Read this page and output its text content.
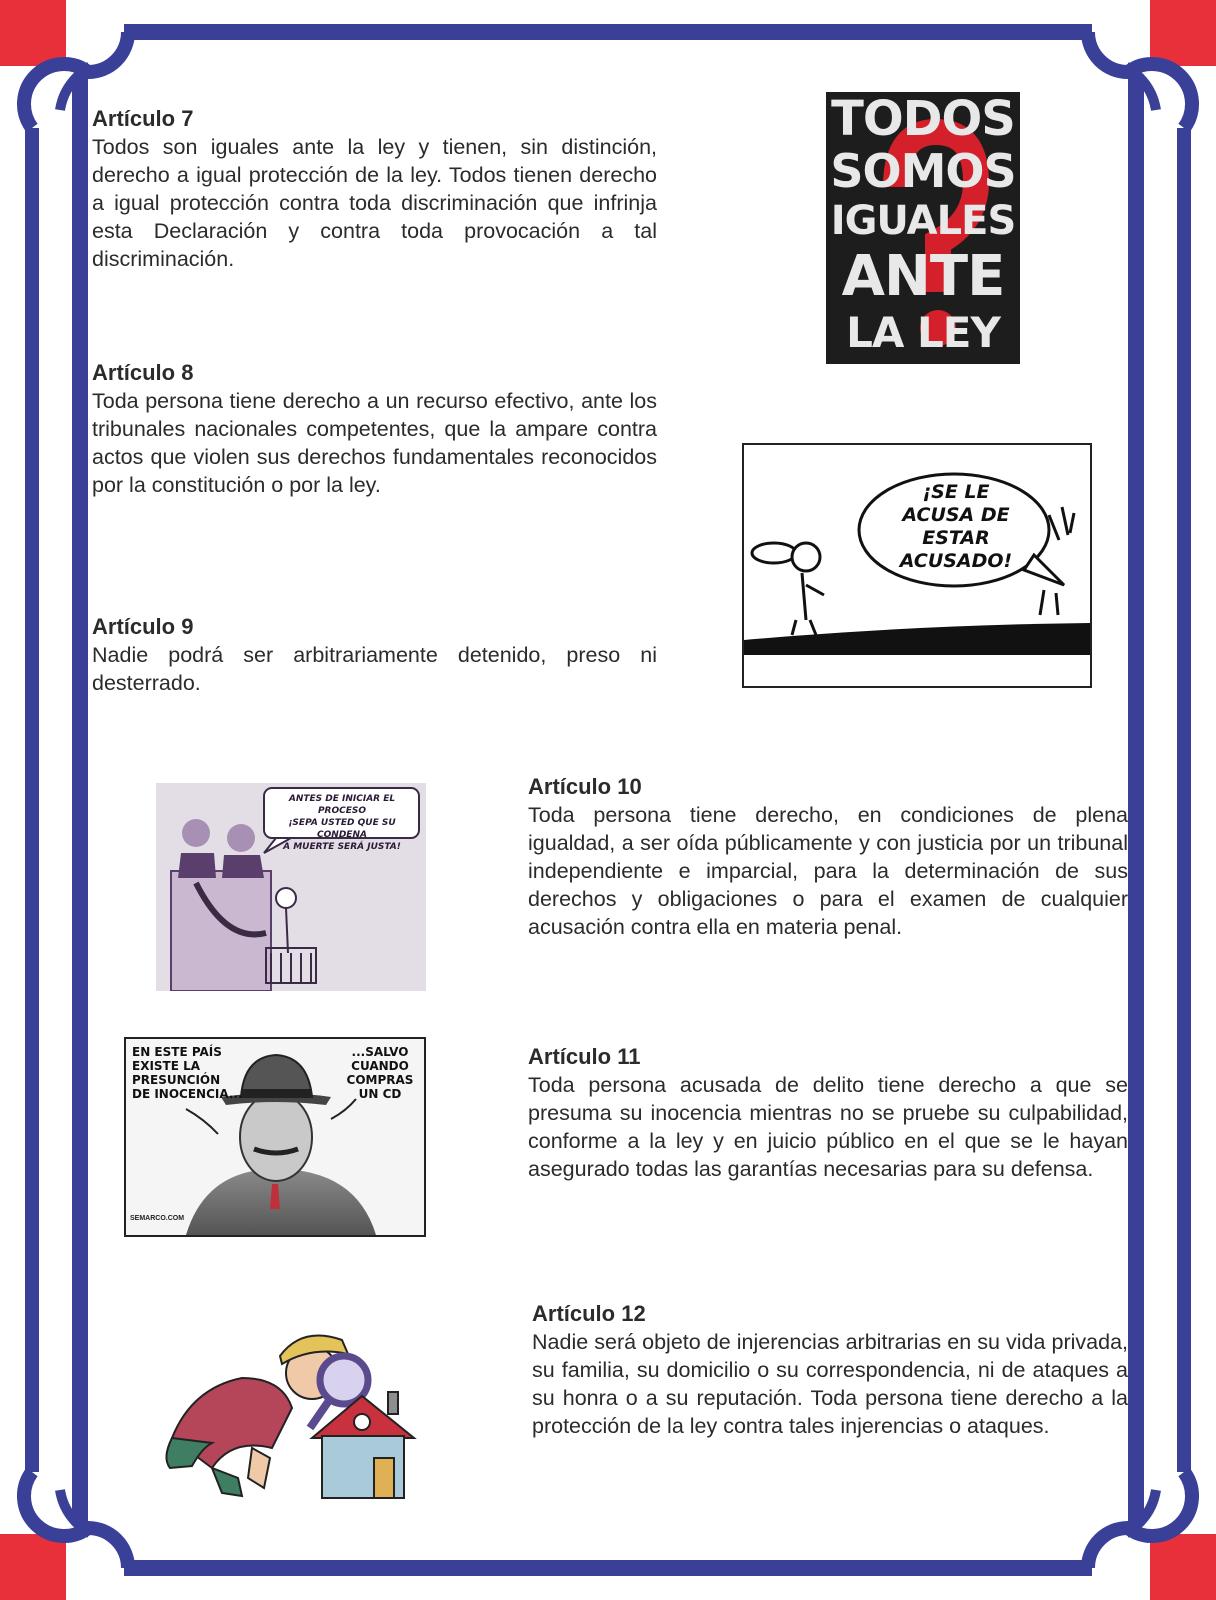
Artículo 7

Todos son iguales ante la ley y tienen, sin distinción, derecho a igual protección de la ley. Todos tienen derecho a igual protección contra toda discriminación que infrinja esta Declaración y contra toda provocación a tal discriminación.

TODOS
SOMOS
IGUALES
ANTE
LA LEY
Artículo 8

Toda persona tiene derecho a un recurso efectivo, ante los tribunales nacionales competentes, que la ampare contra actos que violen sus derechos fundamentales reconocidos por la constitución o por la ley.	¡SE LE
ACUSA DE
ESTAR
ACUSADO!
Artículo 9

Nadie podrá ser arbitrariamente detenido, preso ni desterrado.

ANTES DE INICIAR EL PROCESO
¡SEPA USTED QUE SU CONDENA
A MUERTE SERÁ JUSTA!
Artículo 10

Toda persona tiene derecho, en condiciones de plena igualdad, a ser oída públicamente y con justicia por un tribunal independiente e imparcial, para la determinación de sus derechos y obligaciones o para el examen de cualquier acusación contra ella en materia penal.

EN ESTE PAÍS
EXISTE LA
PRESUNCIÓN
DE INOCENCIA...
...SALVO
CUANDO
COMPRAS
UN CD
SEMARCO.COM
Artículo 11

Toda persona acusada de delito tiene derecho a que se presuma su inocencia mientras no se pruebe su culpabilidad, conforme a la ley y en juicio público en el que se le hayan asegurado todas las garantías necesarias para su defensa.

Artículo 12

Nadie será objeto de injerencias arbitrarias en su vida privada, su familia, su domicilio o su correspondencia, ni de ataques a su honra o a su reputación. Toda persona tiene derecho a la protección de la ley contra tales injerencias o ataques.
